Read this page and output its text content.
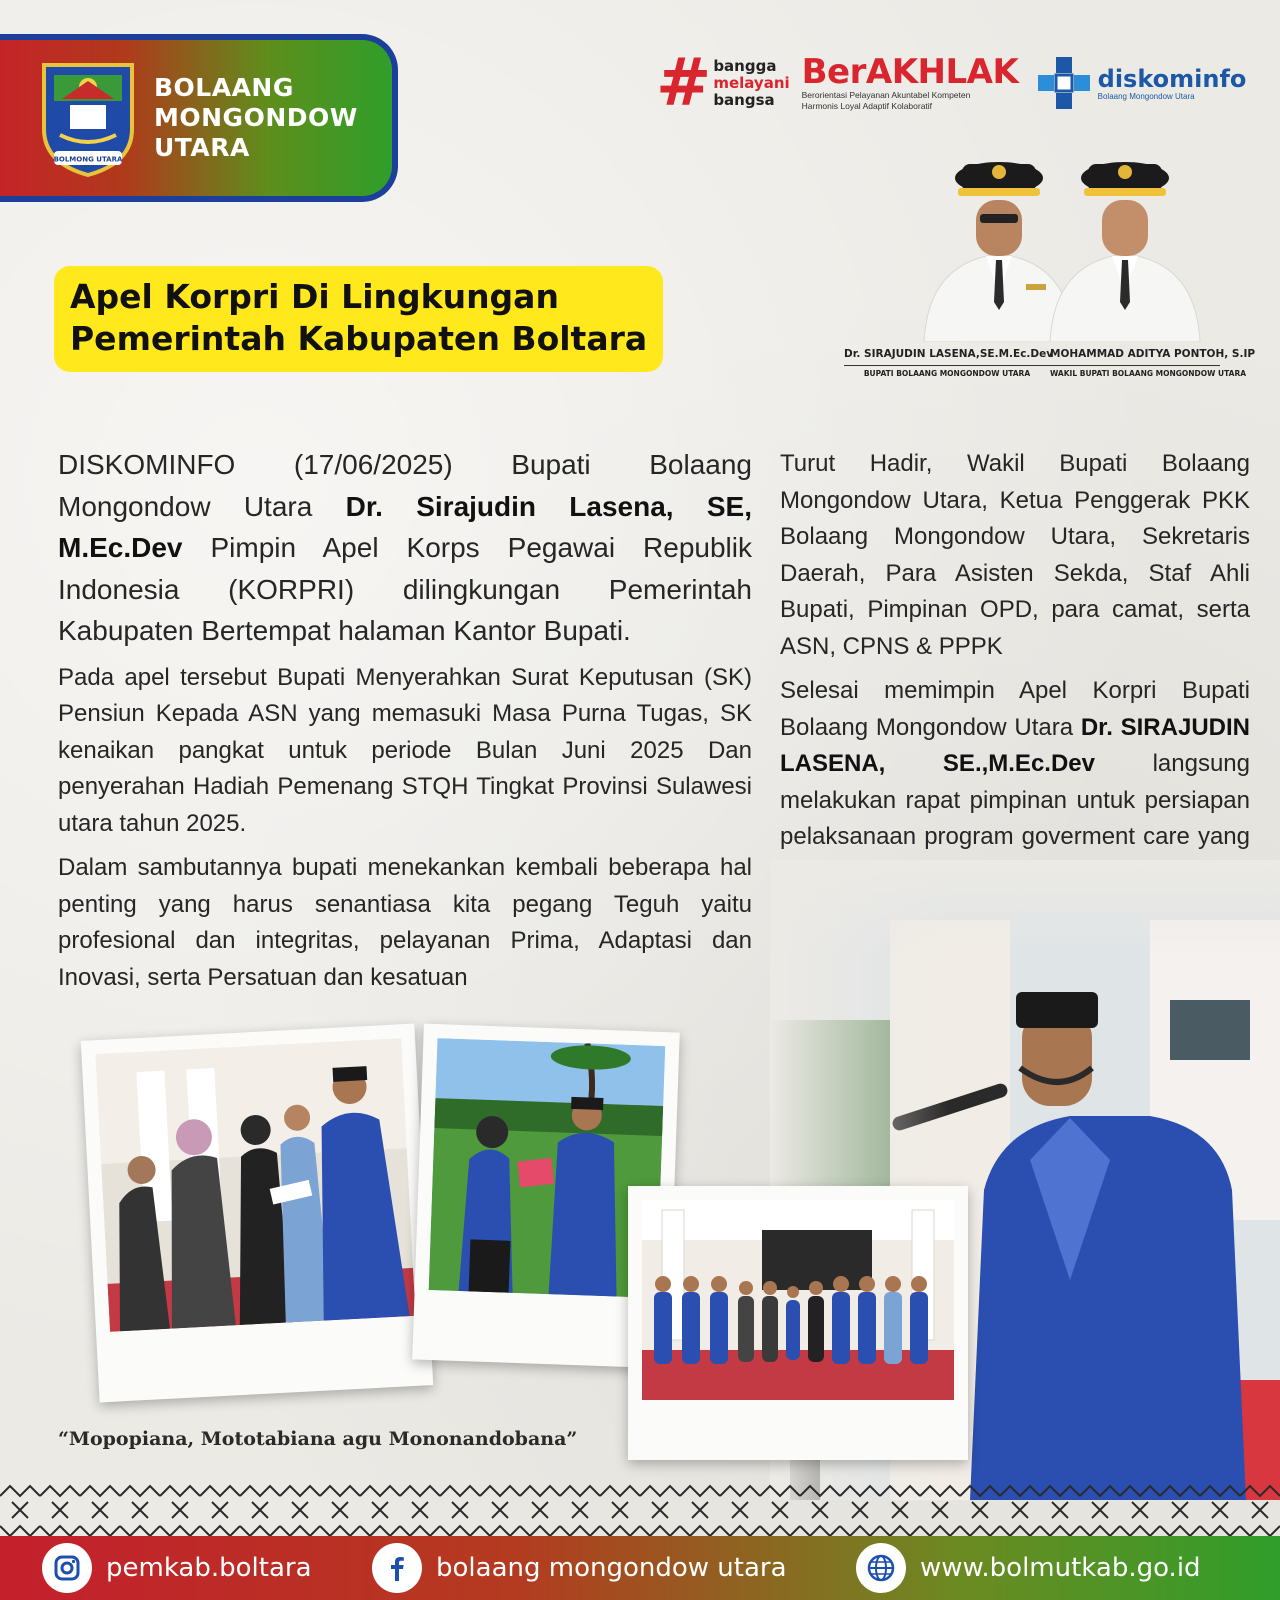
BOLMONG UTARA
BOLAANG
MONGONDOW
UTARA
# bangga
melayani
bangsa
BerAKHLAK
Berorientasi Pelayanan Akuntabel Kompeten
Harmonis Loyal Adaptif Kolaboratif
diskominfo
Bolaang Mongondow Utara
Dr. SIRAJUDIN LASENA,SE.M.Ec.Dev
BUPATI BOLAANG MONGONDOW UTARA
MOHAMMAD ADITYA PONTOH, S.IP
WAKIL BUPATI BOLAANG MONGONDOW UTARA
Apel Korpri Di Lingkungan
Pemerintah Kabupaten Boltara

DISKOMINFO (17/06/2025) Bupati Bolaang Mongondow Utara Dr. Sirajudin Lasena, SE, M.Ec.Dev Pimpin Apel Korps Pegawai Republik Indonesia (KORPRI) dilingkungan Pemerintah Kabupaten Bertempat halaman Kantor Bupati.

Pada apel tersebut Bupati Menyerahkan Surat Keputusan (SK) Pensiun Kepada ASN yang memasuki Masa Purna Tugas, SK kenaikan pangkat untuk periode Bulan Juni 2025 Dan penyerahan Hadiah Pemenang STQH Tingkat Provinsi Sulawesi utara tahun 2025.

Dalam sambutannya bupati menekankan kembali beberapa hal penting yang harus senantiasa kita pegang Teguh yaitu profesional dan integritas, pelayanan Prima, Adaptasi dan Inovasi, serta Persatuan dan kesatuan

Turut Hadir, Wakil Bupati Bolaang Mongondow Utara, Ketua Penggerak PKK Bolaang Mongondow Utara, Sekretaris Daerah, Para Asisten Sekda, Staf Ahli Bupati, Pimpinan OPD, para camat, serta ASN, CPNS & PPPK

Selesai memimpin Apel Korpri Bupati Bolaang Mongondow Utara Dr. SIRAJUDIN LASENA, SE.,M.Ec.Dev langsung melakukan rapat pimpinan untuk persiapan pelaksanaan program goverment care yang

“Mopopiana, Mototabiana agu Mononandobana”
pemkab.boltara	bolaang mongondow utara	www.bolmutkab.go.id
